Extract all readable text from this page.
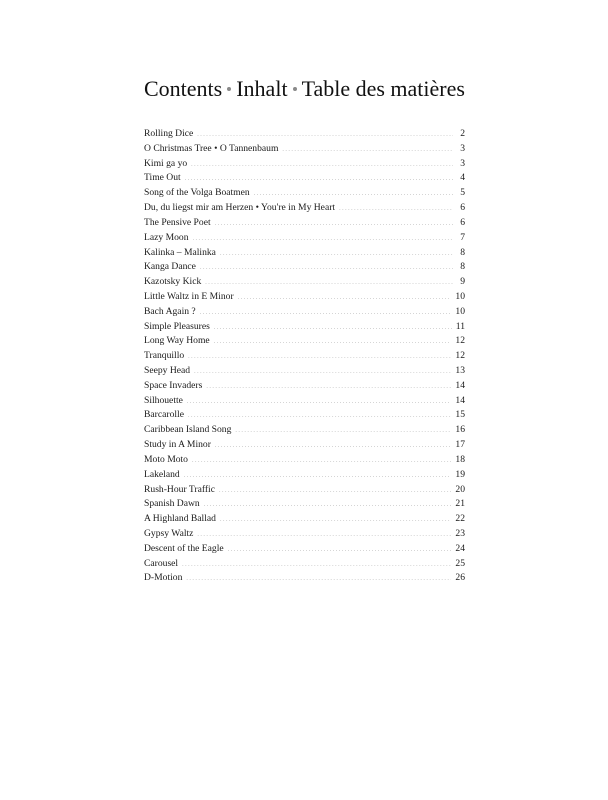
Contents Inhalt Table des matières
Rolling Dice . . .	2
O Christmas Tree • O Tannenbaum . . .	3
Kimi ga yo . . .	3
Time Out . . .	4
Song of the Volga Boatmen . . .	5
Du, du liegst mir am Herzen • You're in My Heart . . .	6
The Pensive Poet . . .	6
Lazy Moon . . .	7
Kalinka – Malinka . . .	8
Kanga Dance . . .	8
Kazotsky Kick . . .	9
Little Waltz in E Minor . . .	10
Bach Again ? . . .	10
Simple Pleasures . . .	11
Long Way Home . . .	12
Tranquillo . . .	12
Seepy Head . . .	13
Space Invaders . . .	14
Silhouette . . .	14
Barcarolle . . .	15
Caribbean Island Song . . .	16
Study in A Minor . . .	17
Moto Moto . . .	18
Lakeland . . .	19
Rush-Hour Traffic . . .	20
Spanish Dawn . . .	21
A Highland Ballad . . .	22
Gypsy Waltz . . .	23
Descent of the Eagle . . .	24
Carousel . . .	25
D-Motion . . .	26
